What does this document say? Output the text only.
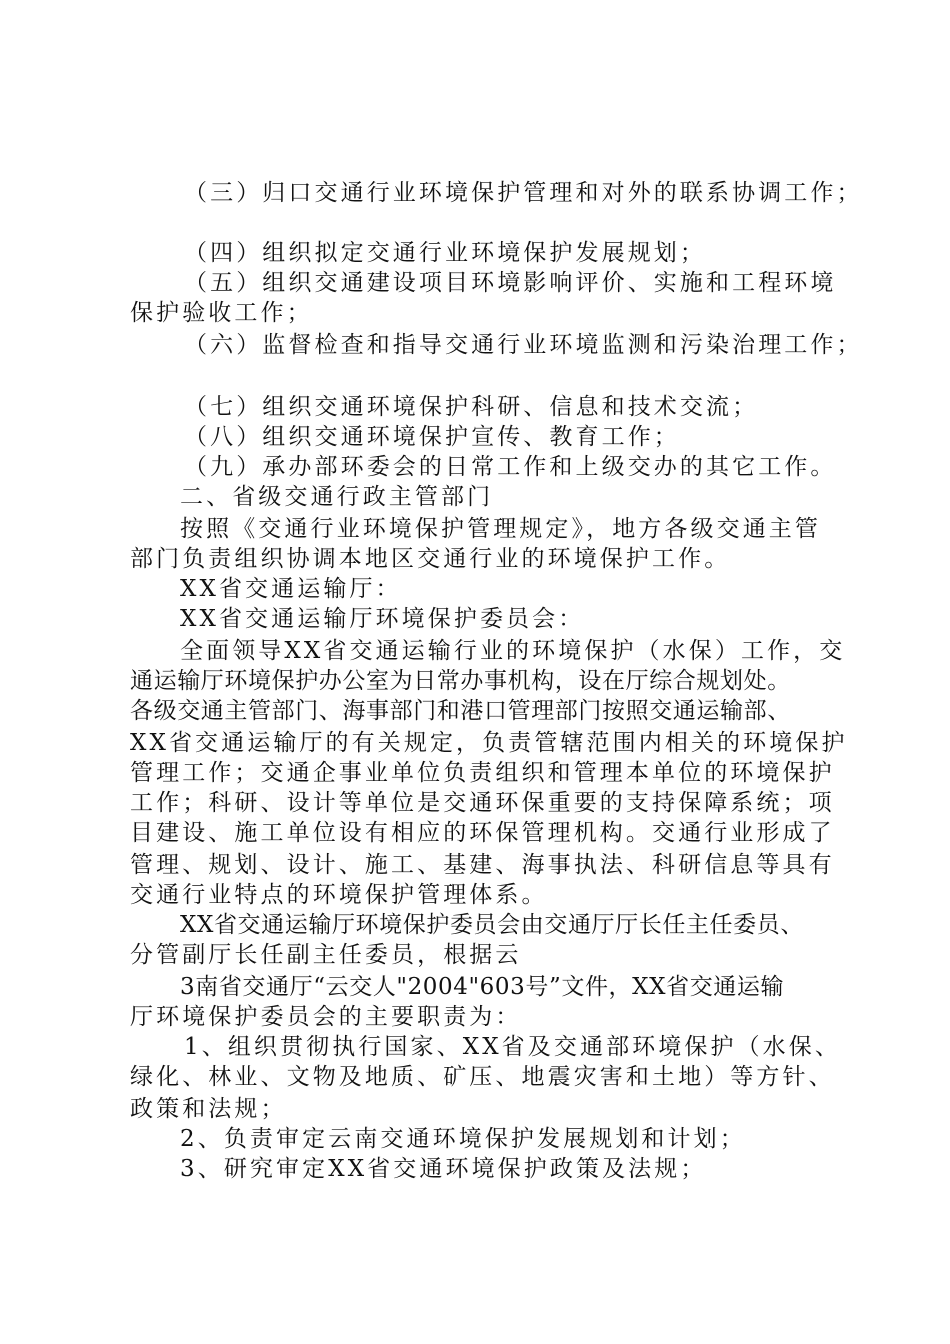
（三）归口交通行业环境保护管理和对外的联系协调工作；
（四）组织拟定交通行业环境保护发展规划；
（五）组织交通建设项目环境影响评价、实施和工程环境
保护验收工作；
（六）监督检查和指导交通行业环境监测和污染治理工作；
（七）组织交通环境保护科研、信息和技术交流；
（八）组织交通环境保护宣传、教育工作；
（九）承办部环委会的日常工作和上级交办的其它工作。
二、省级交通行政主管部门
按照《交通行业环境保护管理规定》，地方各级交通主管
部门负责组织协调本地区交通行业的环境保护工作。
XX省交通运输厅：
XX省交通运输厅环境保护委员会：
全面领导XX省交通运输行业的环境保护（水保）工作，交
通运输厅环境保护办公室为日常办事机构，设在厅综合规划处。
各级交通主管部门、海事部门和港口管理部门按照交通运输部、
XX省交通运输厅的有关规定，负责管辖范围内相关的环境保护
管理工作；交通企事业单位负责组织和管理本单位的环境保护
工作；科研、设计等单位是交通环保重要的支持保障系统；项
目建设、施工单位设有相应的环保管理机构。交通行业形成了
管理、规划、设计、施工、基建、海事执法、科研信息等具有
交通行业特点的环境保护管理体系。
XX省交通运输厅环境保护委员会由交通厅厅长任主任委员、
分管副厅长任副主任委员，根据云
3南省交通厅“云交人"2004"603号”文件，XX省交通运输
厅环境保护委员会的主要职责为：
1、组织贯彻执行国家、XX省及交通部环境保护（水保、
绿化、林业、文物及地质、矿压、地震灾害和土地）等方针、
政策和法规；
2、负责审定云南交通环境保护发展规划和计划；
3、研究审定XX省交通环境保护政策及法规；
